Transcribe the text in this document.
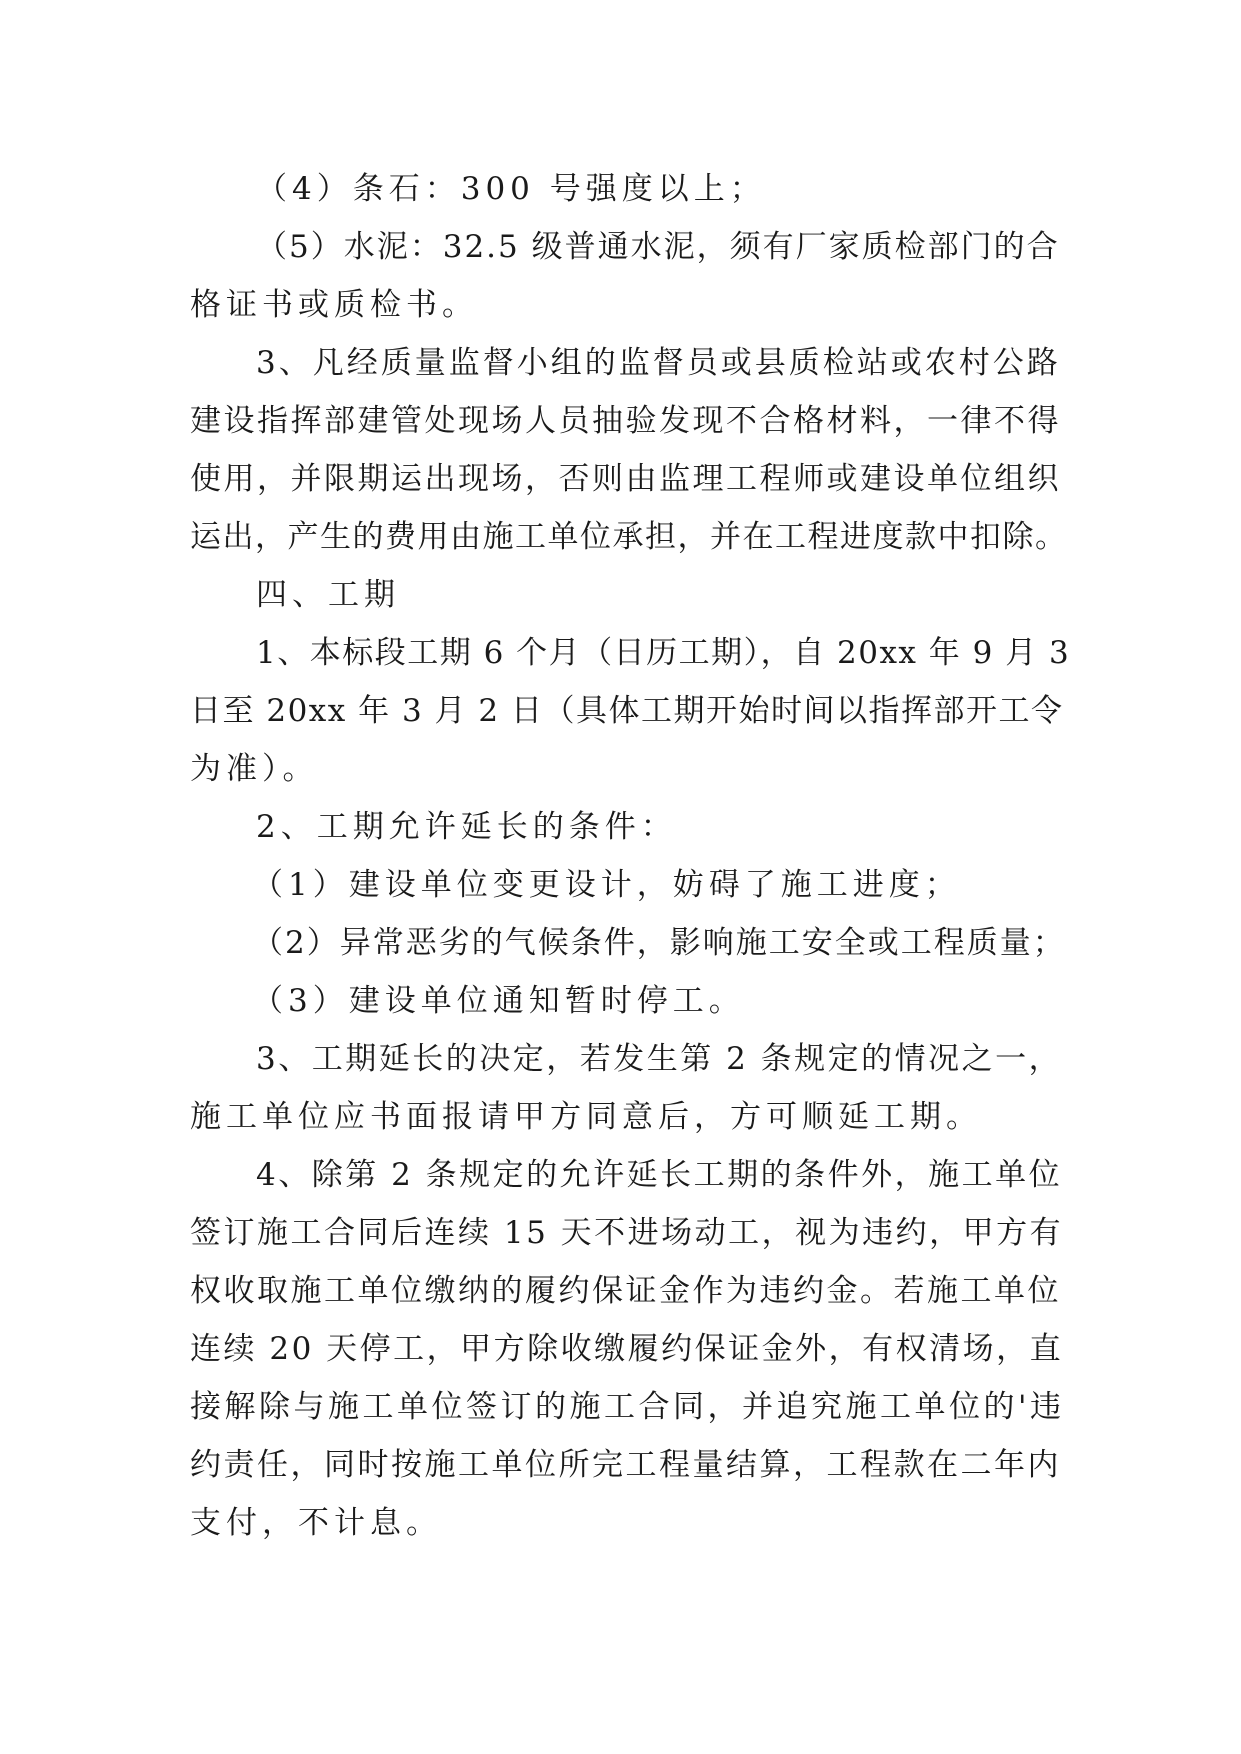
（4）条石：300 号强度以上；
（5）水泥：32.5 级普通水泥，须有厂家质检部门的合
格证书或质检书。
3、凡经质量监督小组的监督员或县质检站或农村公路
建设指挥部建管处现场人员抽验发现不合格材料，一律不得
使用，并限期运出现场，否则由监理工程师或建设单位组织
运出，产生的费用由施工单位承担，并在工程进度款中扣除。
四、工期
1、本标段工期 6 个月（日历工期），自 20xx 年 9 月 3
日至 20xx 年 3 月 2 日（具体工期开始时间以指挥部开工令
为准）。
2、工期允许延长的条件：
（1）建设单位变更设计，妨碍了施工进度；
（2）异常恶劣的气候条件，影响施工安全或工程质量；
（3）建设单位通知暂时停工。
3、工期延长的决定，若发生第 2 条规定的情况之一，
施工单位应书面报请甲方同意后，方可顺延工期。
4、除第 2 条规定的允许延长工期的条件外，施工单位
签订施工合同后连续 15 天不进场动工，视为违约，甲方有
权收取施工单位缴纳的履约保证金作为违约金。若施工单位
连续 20 天停工，甲方除收缴履约保证金外，有权清场，直
接解除与施工单位签订的施工合同，并追究施工单位的'违
约责任，同时按施工单位所完工程量结算，工程款在二年内
支付，不计息。
